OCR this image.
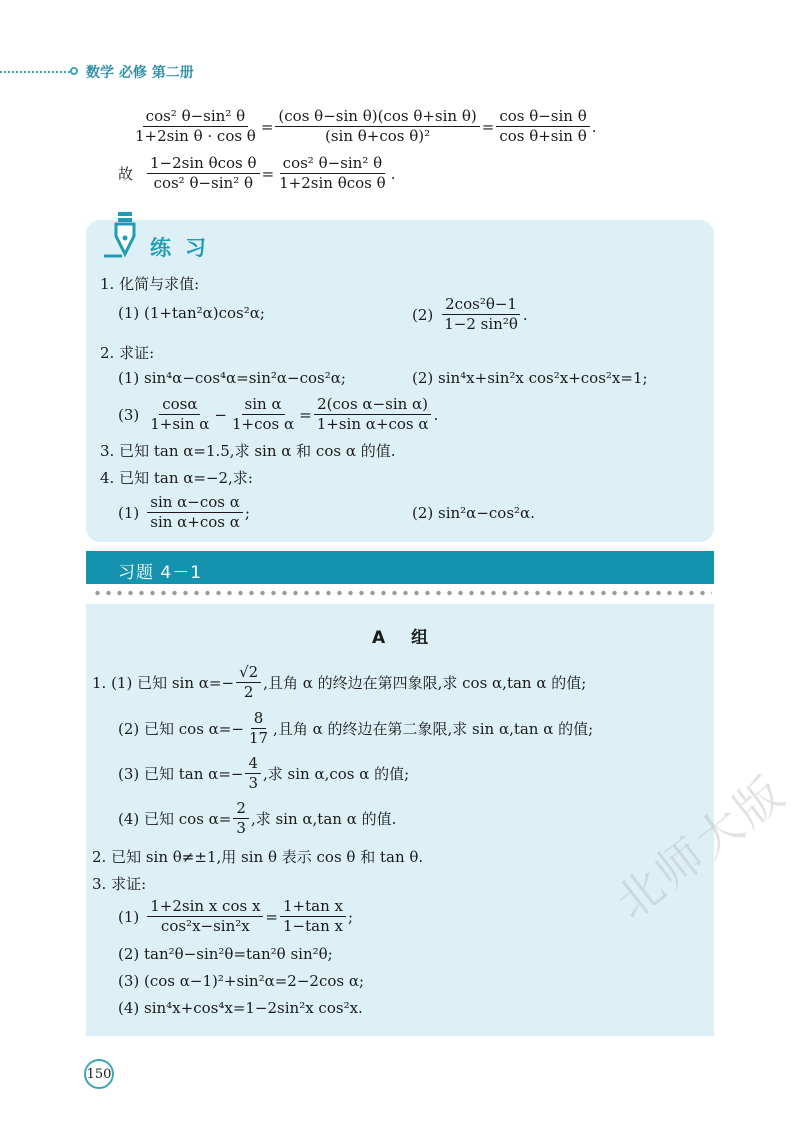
数学 必修 第二册
$\frac{\text{cos² θ−sin² θ}}{\text{1+2sin θ · cos θ}} = \frac{\text{(cos θ−sin θ)(cos θ+sin θ)}}{\text{(sin θ+cos θ)²}} = \frac{\text{cos θ−sin θ}}{\text{cos θ+sin θ}}$ .
故 $\frac{\text{1−2sin θcos θ}}{\text{cos² θ−sin² θ}} = \frac{\text{cos² θ−sin² θ}}{\text{1+2sin θcos θ}}$ .
练习
1. 化简与求值:
(1) (1+tan²α)cos²α;	$(2) \frac{\text{2cos²θ−1}}{\text{1−2 sin²θ}}$ .
2. 求证:
(1) sin⁴α−cos⁴α=sin²α−cos²α;	(2) sin⁴x+sin²x cos²x+cos²x=1;
$(3) \frac{\cos\alpha}{\text{1+sin α}} - \frac{\text{sin α}}{\text{1+cos α}} = \frac{\text{2(cos α−sin α)}}{\text{1+sin α+cos α}}$ .
3. 已知 tan α=1.5,求 sin α 和 cos α 的值.
4. 已知 tan α=−2,求:
$(1) \frac{\text{sin α−cos α}}{\text{sin α+cos α}}$ ;	(2) sin²α−cos²α.
习题 4－1
A 组
1. (1) 已知 $\sin \alpha=- \frac{√2}{2}$ ,且角 α 的终边在第四象限,求 cos α,tan α 的值;
(2) 已知 $\cos \alpha=- \frac{8}{17}$ ,且角 α 的终边在第二象限,求 sin α,tan α 的值;
(3) 已知 $\tan \alpha=- \frac{4}{3}$ ,求 sin α,cos α 的值;
(4) 已知 $\cos \alpha= \frac{2}{3}$ ,求 sin α,tan α 的值.
2. 已知 sin θ≠±1,用 sin θ 表示 cos θ 和 tan θ.
3. 求证:
$(1) \frac{\text{1+2sin x cos x}}{\text{cos²x−sin²x}} = \frac{\text{1+tan x}}{\text{1−tan x}}$ ;
(2) tan²θ−sin²θ=tan²θ sin²θ;
(3) (cos α−1)²+sin²α=2−2cos α;
(4) sin⁴x+cos⁴x=1−2sin²x cos²x.
150
北师大版
